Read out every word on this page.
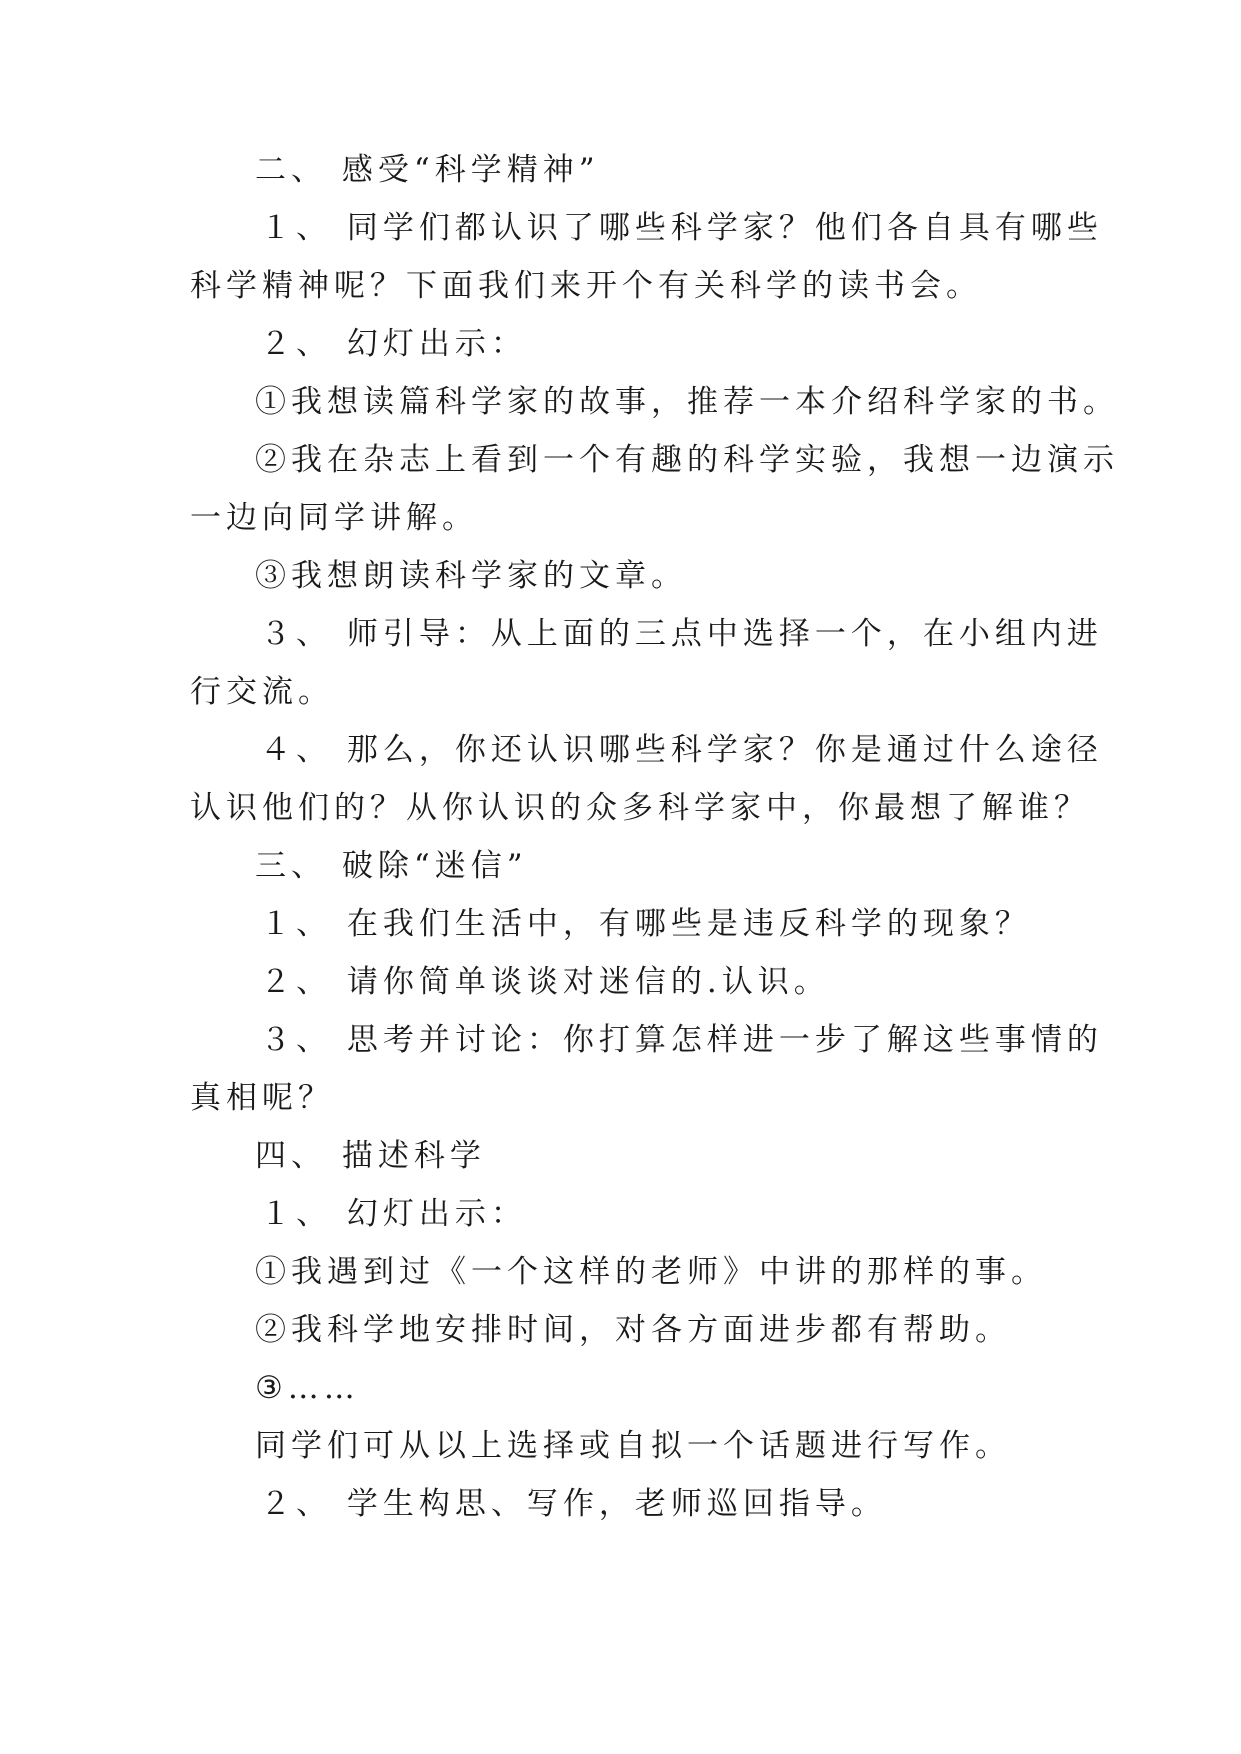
二、 感受“科学精神”
１、 同学们都认识了哪些科学家？他们各自具有哪些
科学精神呢？下面我们来开个有关科学的读书会。
２、 幻灯出示：
①我想读篇科学家的故事，推荐一本介绍科学家的书。
②我在杂志上看到一个有趣的科学实验，我想一边演示
一边向同学讲解。
③我想朗读科学家的文章。
３、 师引导：从上面的三点中选择一个，在小组内进
行交流。
４、 那么，你还认识哪些科学家？你是通过什么途径
认识他们的？从你认识的众多科学家中，你最想了解谁？
三、 破除“迷信”
１、 在我们生活中，有哪些是违反科学的现象？
２、 请你简单谈谈对迷信的.认识。
３、 思考并讨论：你打算怎样进一步了解这些事情的
真相呢？
四、 描述科学
１、 幻灯出示：
①我遇到过《一个这样的老师》中讲的那样的事。
②我科学地安排时间，对各方面进步都有帮助。
③……
同学们可从以上选择或自拟一个话题进行写作。
２、 学生构思、写作，老师巡回指导。
